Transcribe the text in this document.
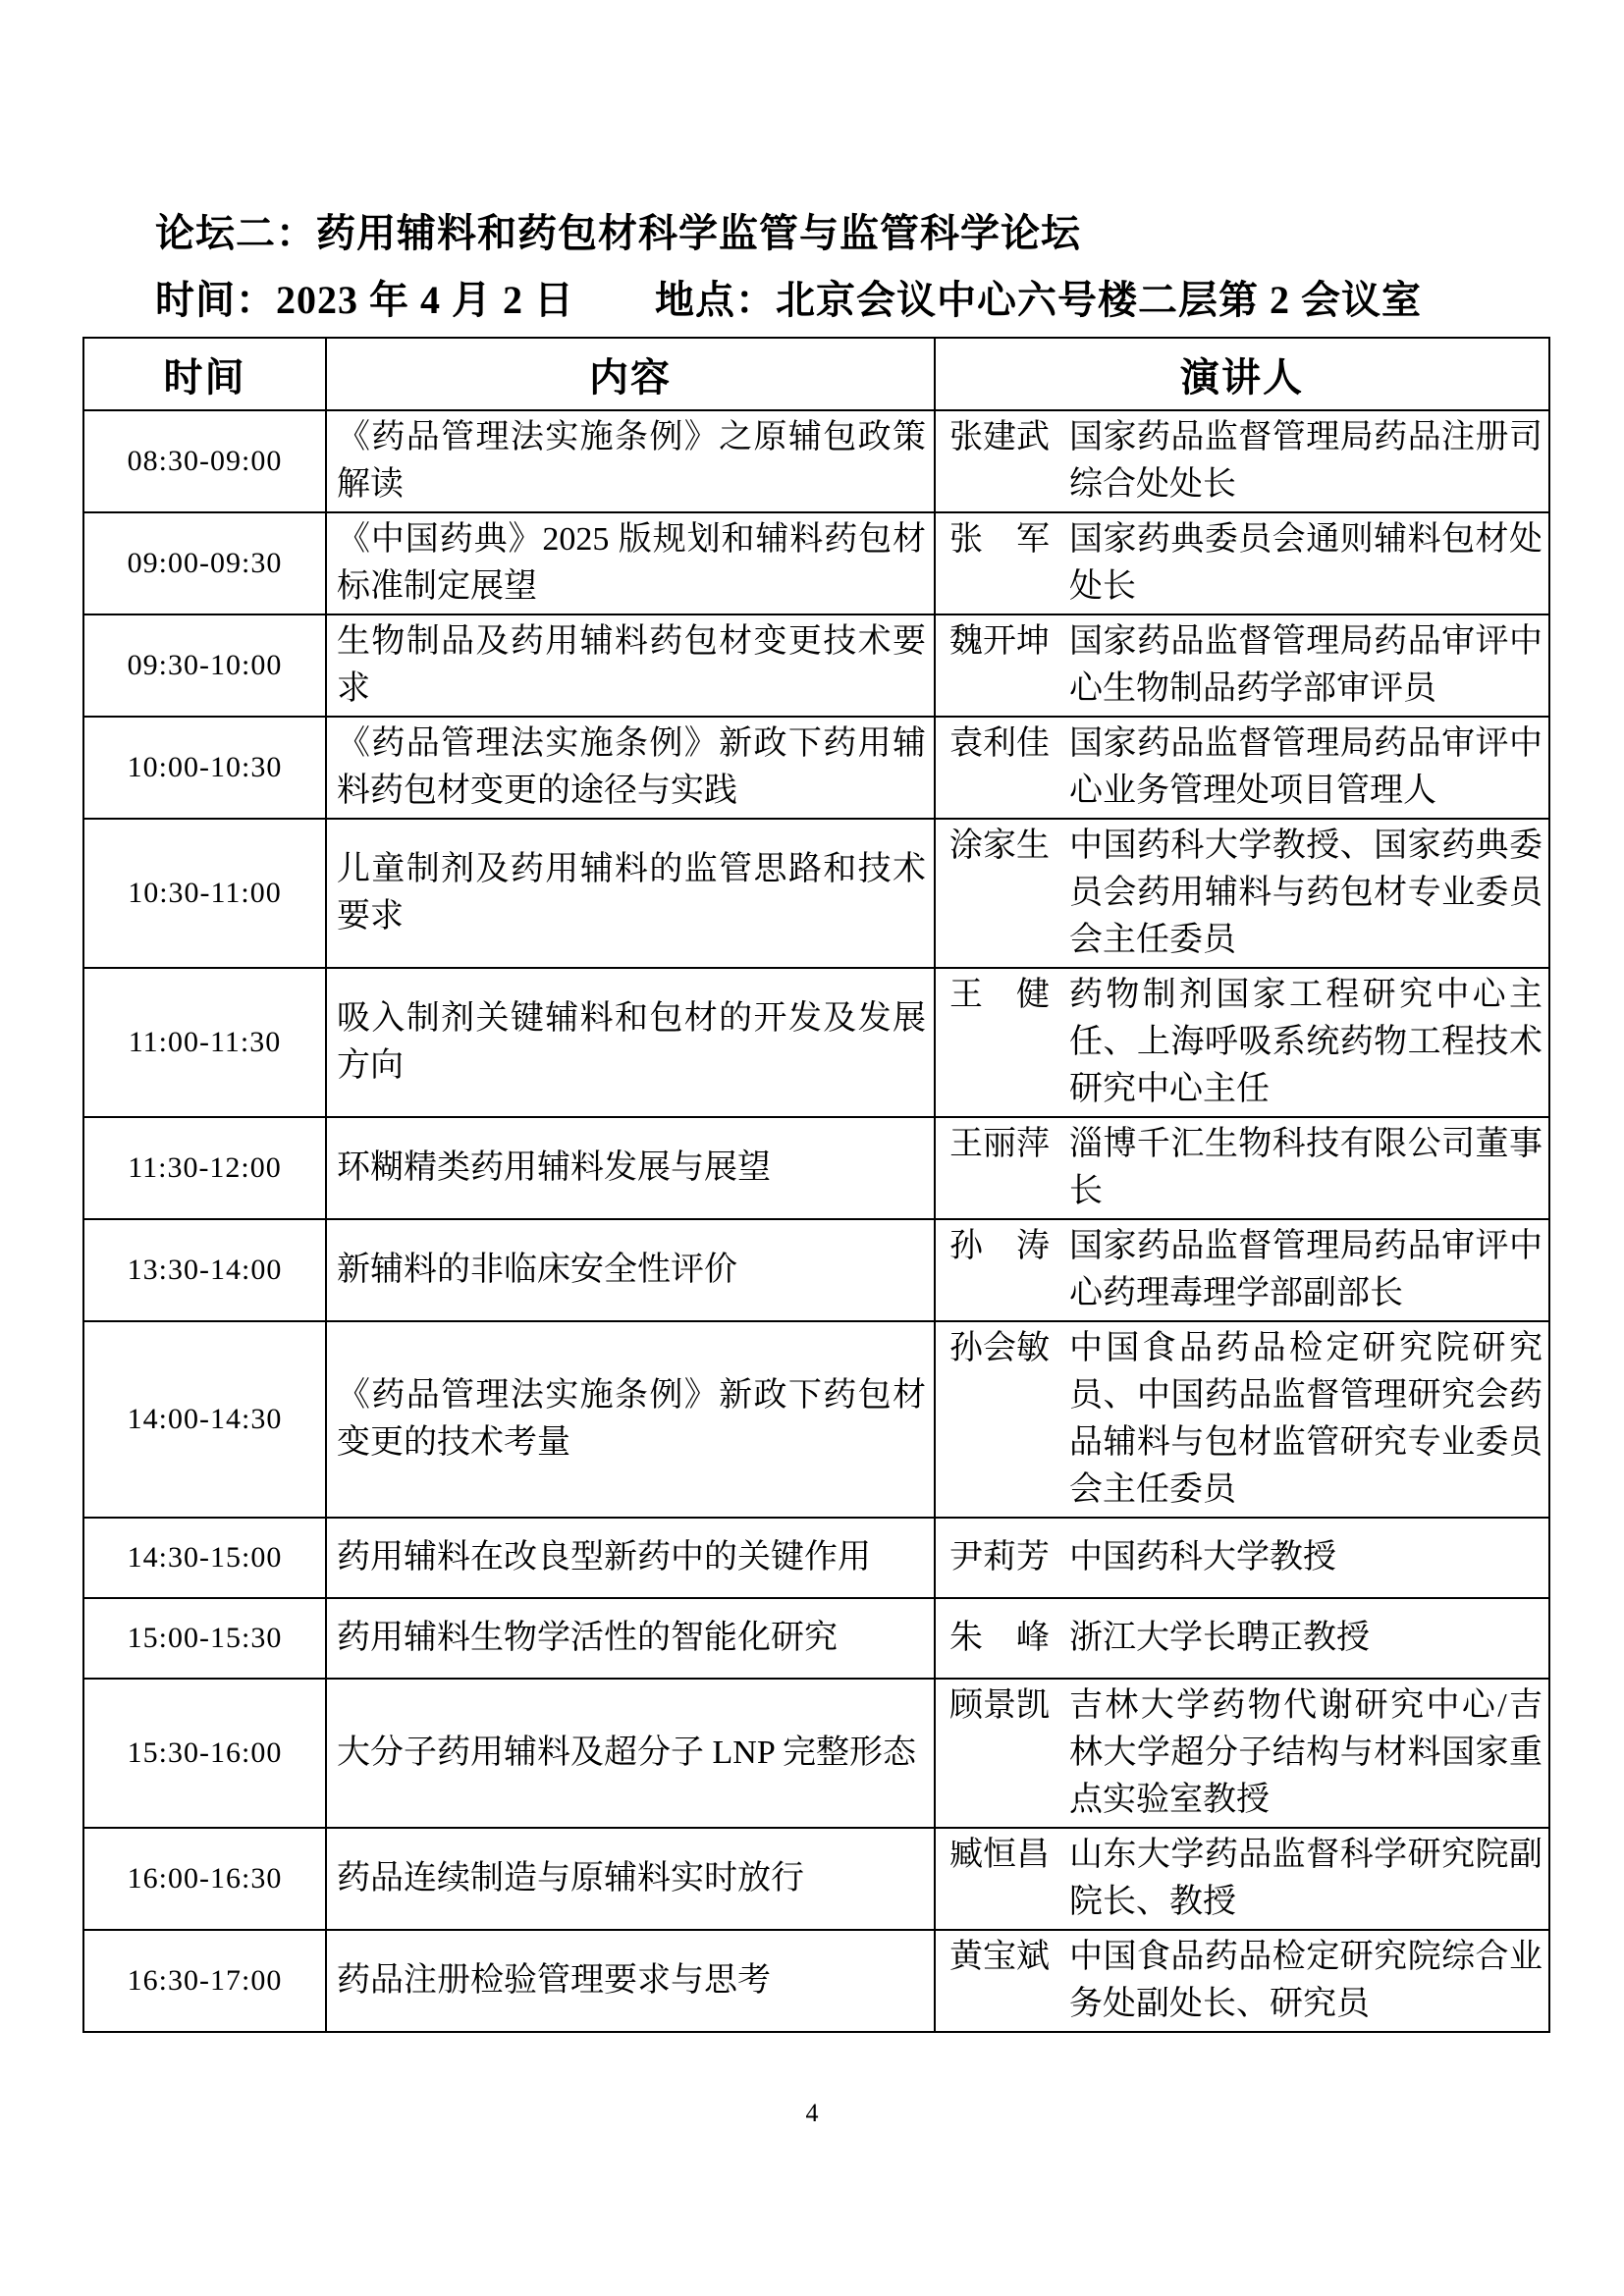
论坛二：药用辅料和药包材科学监管与监管科学论坛
时间：2023 年 4 月 2 日　　地点：北京会议中心六号楼二层第 2 会议室
时间	内容	演讲人
08:30-09:00	《药品管理法实施条例》之原辅包政策解读	张建武 国家药品监督管理局药品注册司综合处处长

09:00-09:30	《中国药典》2025 版规划和辅料药包材标准制定展望	张　军 国家药典委员会通则辅料包材处处长

09:30-10:00	生物制品及药用辅料药包材变更技术要求	魏开坤 国家药品监督管理局药品审评中心生物制品药学部审评员

10:00-10:30	《药品管理法实施条例》新政下药用辅料药包材变更的途径与实践	袁利佳 国家药品监督管理局药品审评中心业务管理处项目管理人

10:30-11:00	儿童制剂及药用辅料的监管思路和技术要求	涂家生 中国药科大学教授、国家药典委员会药用辅料与药包材专业委员会主任委员

11:00-11:30	吸入制剂关键辅料和包材的开发及发展方向	王　健 药物制剂国家工程研究中心主任、上海呼吸系统药物工程技术研究中心主任

11:30-12:00	环糊精类药用辅料发展与展望	王丽萍 淄博千汇生物科技有限公司董事长

13:30-14:00	新辅料的非临床安全性评价	孙　涛 国家药品监督管理局药品审评中心药理毒理学部副部长

14:00-14:30	《药品管理法实施条例》新政下药包材变更的技术考量	孙会敏 中国食品药品检定研究院研究员、中国药品监督管理研究会药品辅料与包材监管研究专业委员会主任委员

14:30-15:00	药用辅料在改良型新药中的关键作用	尹莉芳 中国药科大学教授

15:00-15:30	药用辅料生物学活性的智能化研究	朱　峰 浙江大学长聘正教授

15:30-16:00	大分子药用辅料及超分子 LNP 完整形态	顾景凯 吉林大学药物代谢研究中心/吉林大学超分子结构与材料国家重点实验室教授

16:00-16:30	药品连续制造与原辅料实时放行	臧恒昌 山东大学药品监督科学研究院副院长、教授

16:30-17:00	药品注册检验管理要求与思考	黄宝斌 中国食品药品检定研究院综合业务处副处长、研究员
4
